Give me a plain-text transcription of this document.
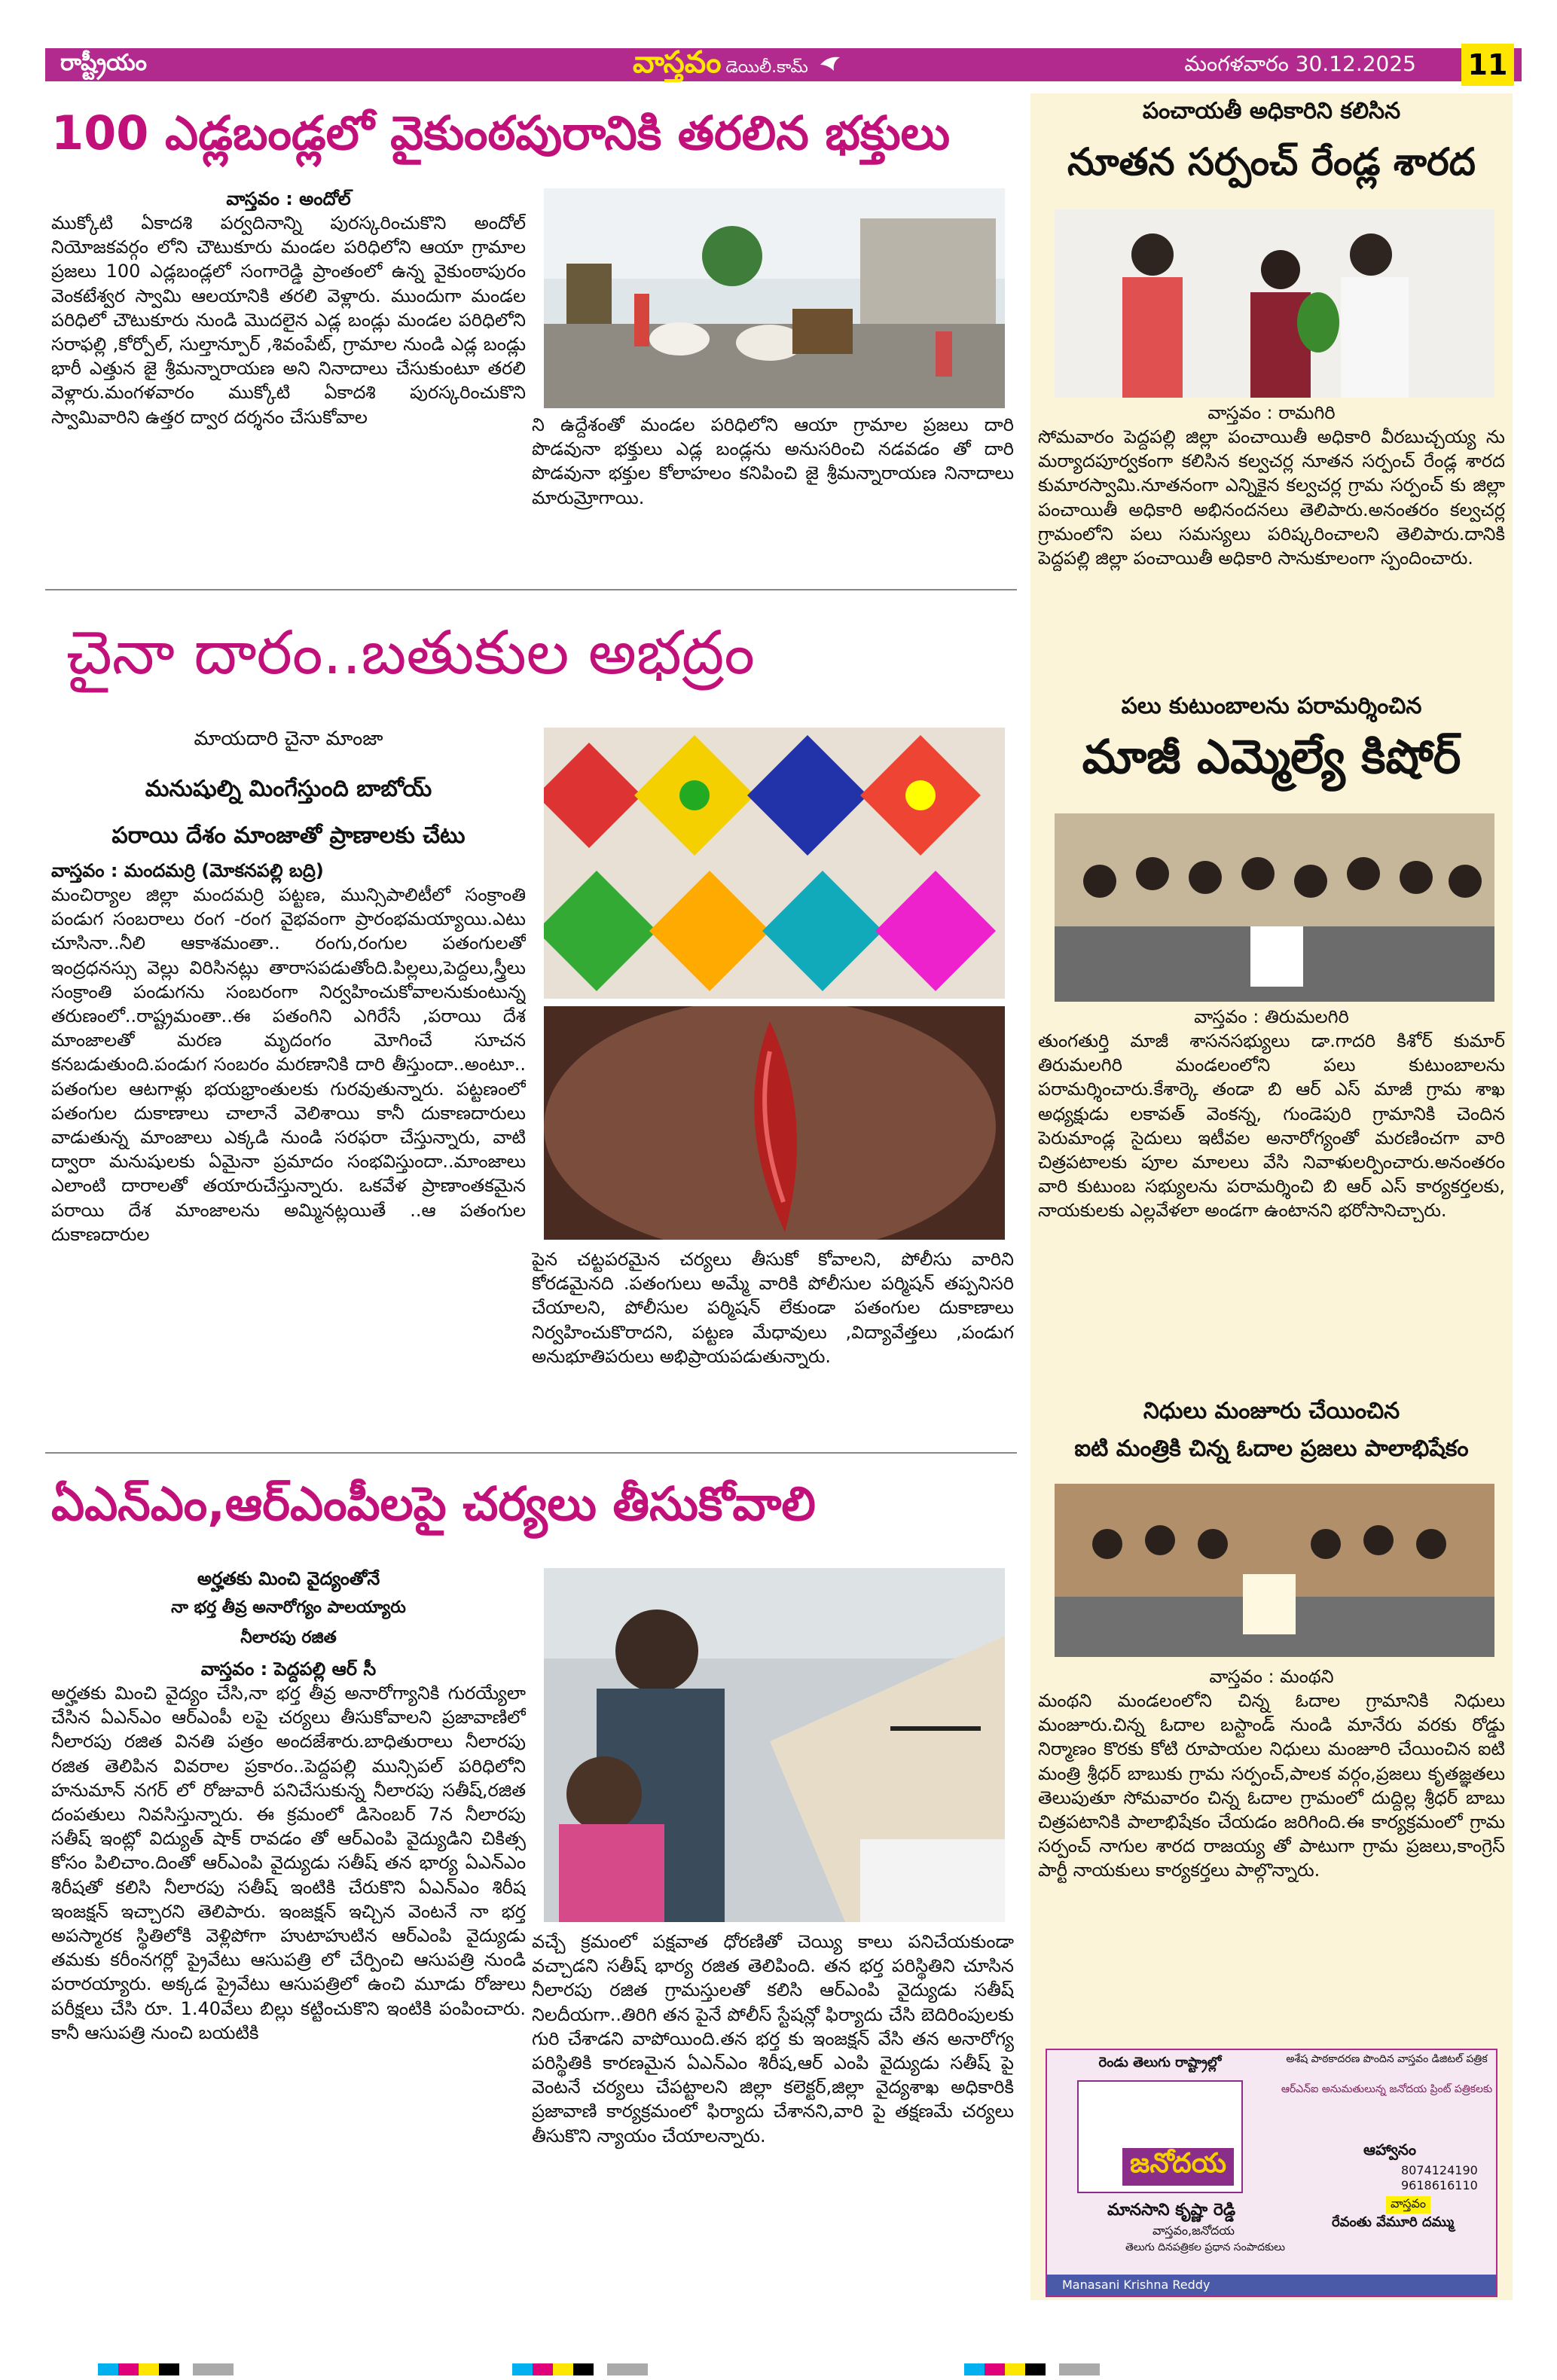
రాష్ట్రీయం	వాస్తవం డెయిలీ.కామ్	మంగళవారం 30.12.2025 11
100 ఎడ్లబండ్లలో వైకుంఠపురానికి తరలిన భక్తులు
వాస్తవం : అందోల్
ముక్కోటి ఏకాదశి పర్వదినాన్ని పురస్కరించుకొని అందోల్ నియోజకవర్గం లోని చౌటుకూరు మండల పరిధిలోని ఆయా గ్రామాల ప్రజలు 100 ఎడ్లబండ్లలో సంగారెడ్డి ప్రాంతంలో ఉన్న వైకుంఠాపురం వెంకటేశ్వర స్వామి ఆలయానికి తరలి వెళ్లారు. ముందుగా మండల పరిధిలో చౌటుకూరు నుండి మొదలైన ఎడ్ల బండ్లు మండల పరిధిలోని సరాఫల్లి ,కోర్పోల్, సుల్తాన్పూర్ ,శివంపేట్, గ్రామాల నుండి ఎడ్ల బండ్లు భారీ ఎత్తున జై శ్రీమన్నారాయణ అని నినాదాలు చేసుకుంటూ తరలి వెళ్లారు.మంగళవారం ముక్కోటి ఏకాదశి పురస్కరించుకొని స్వామివారిని ఉత్తర ద్వార దర్శనం చేసుకోవాల	ని ఉద్దేశంతో మండల పరిధిలోని ఆయా గ్రామాల ప్రజలు దారి పొడవునా భక్తులు ఎడ్ల బండ్లను అనుసరించి నడవడం తో దారి పొడవునా భక్తుల కోలాహలం కనిపించి జై శ్రీమన్నారాయణ నినాదాలు మారుమ్రోగాయి.
చైనా దారం..బతుకుల అభద్రం
మాయదారి చైనా మాంజా
మనుషుల్ని మింగేస్తుంది బాబోయ్
పరాయి దేశం మాంజాతో ప్రాణాలకు చేటు
వాస్తవం : మందమర్రి (మోకనపల్లి బద్రి)
మంచిర్యాల జిల్లా మందమర్రి పట్టణ, మున్సిపాలిటీలో సంక్రాంతి పండుగ సంబరాలు రంగ -రంగ వైభవంగా ప్రారంభమయ్యాయి.ఎటు చూసినా..నీలి ఆకాశమంతా.. రంగు,రంగుల పతంగులతో ఇంద్రధనస్సు వెల్లు విరిసినట్లు తారాసపడుతోంది.పిల్లలు,పెద్దలు,స్త్రీలు సంక్రాంతి పండుగను సంబరంగా నిర్వహించుకోవాలనుకుంటున్న తరుణంలో..రాష్ట్రమంతా..ఈ పతంగిని ఎగిరేసే ,పరాయి దేశ మాంజాలతో మరణ మృదంగం మోగించే సూచన కనబడుతుంది.పండుగ సంబరం మరణానికి దారి తీస్తుందా..అంటూ.. పతంగుల ఆటగాళ్లు భయభ్రాంతులకు గురవుతున్నారు. పట్టణంలో పతంగుల దుకాణాలు చాలానే వెలిశాయి కానీ దుకాణదారులు వాడుతున్న మాంజాలు ఎక్కడి నుండి సరఫరా చేస్తున్నారు, వాటి ద్వారా మనుషులకు ఏమైనా ప్రమాదం సంభవిస్తుందా..మాంజాలు ఎలాంటి దారాలతో తయారుచేస్తున్నారు. ఒకవేళ ప్రాణాంతకమైన పరాయి దేశ మాంజాలను అమ్మినట్లయితే ..ఆ పతంగుల దుకాణదారుల
పైన చట్టపరమైన చర్యలు తీసుకో కోవాలని, పోలీసు వారిని కోరడమైనది .పతంగులు అమ్మే వారికి పోలీసుల పర్మిషన్ తప్పనిసరి చేయాలని, పోలీసుల పర్మిషన్ లేకుండా పతంగుల దుకాణాలు నిర్వహించుకొరాదని, పట్టణ మేధావులు ,విద్యావేత్తలు ,పండుగ అనుభూతిపరులు అభిప్రాయపడుతున్నారు.
ఏఎన్ఎం,ఆర్ఎంపీలపై చర్యలు తీసుకోవాలి
అర్హతకు మించి వైద్యంతోనే
నా భర్త తీవ్ర అనారోగ్యం పాలయ్యారు
నీలారపు రజిత
వాస్తవం : పెద్దపల్లి ఆర్ సీ
అర్హతకు మించి వైద్యం చేసి,నా భర్త తీవ్ర అనారోగ్యానికి గురయ్యేలా చేసిన ఏఎన్ఎం ఆర్ఎంపీ లపై చర్యలు తీసుకోవాలని ప్రజావాణిలో నీలారపు రజిత వినతి పత్రం అందజేశారు.బాధితురాలు నీలారపు రజిత తెలిపిన వివరాల ప్రకారం..పెద్దపల్లి మున్సిపల్ పరిధిలోని హనుమాన్ నగర్ లో రోజువారీ పనిచేసుకున్న నీలారపు సతీష్,రజిత దంపతులు నివసిస్తున్నారు. ఈ క్రమంలో డిసెంబర్ 7న నీలారపు సతీష్ ఇంట్లో విద్యుత్ షాక్ రావడం తో ఆర్ఎంపి వైద్యుడిని చికిత్స కోసం పిలిచాం.దింతో ఆర్ఎంపి వైద్యుడు సతీష్ తన భార్య ఏఎన్ఎం శిరీషతో కలిసి నీలారపు సతీష్ ఇంటికి చేరుకొని ఏఎన్ఎం శిరీష ఇంజక్షన్ ఇచ్చారని తెలిపారు. ఇంజక్షన్ ఇచ్చిన వెంటనే నా భర్త అపస్మారక స్థితిలోకి వెళ్లిపోగా హుటాహుటిన ఆర్ఎంపి వైద్యుడు తమకు కరీంనగర్లో ప్రైవేటు ఆసుపత్రి లో చేర్పించి ఆసుపత్రి నుండి పరారయ్యారు. అక్కడ ప్రైవేటు ఆసుపత్రిలో ఉంచి మూడు రోజులు పరీక్షలు చేసి రూ. 1.40వేలు బిల్లు కట్టించుకొని ఇంటికి పంపించారు. కానీ ఆసుపత్రి నుంచి బయటికి
వచ్చే క్రమంలో పక్షవాత ధోరణితో చెయ్యి కాలు పనిచేయకుండా వచ్చాడని సతీష్ భార్య రజిత తెలిపింది. తన భర్త పరిస్థితిని చూసిన నీలారపు రజిత గ్రామస్తులతో కలిసి ఆర్ఎంపి వైద్యుడు సతీష్ నిలదీయగా..తిరిగి తన పైనే పోలీస్ స్టేషన్లో ఫిర్యాదు చేసి బెదిరింపులకు గురి చేశాడని వాపోయింది.తన భర్త కు ఇంజక్షన్ వేసి తన అనారోగ్య పరిస్థితికి కారణమైన ఏఎన్ఎం శిరీష,ఆర్ ఎంపి వైద్యుడు సతీష్ పై వెంటనే చర్యలు చేపట్టాలని జిల్లా కలెక్టర్,జిల్లా వైద్యశాఖ అధికారికి ప్రజావాణి కార్యక్రమంలో ఫిర్యాదు చేశానని,వారి పై తక్షణమే చర్యలు తీసుకొని న్యాయం చేయాలన్నారు.
పంచాయతీ అధికారిని కలిసిన
నూతన సర్పంచ్ రేండ్ల శారద
వాస్తవం : రామగిరి
సోమవారం పెద్దపల్లి జిల్లా పంచాయితీ అధికారి వీరబుచ్చయ్య ను మర్యాదపూర్వకంగా కలిసిన కల్వచర్ల నూతన సర్పంచ్ రేండ్ల శారద కుమారస్వామి.నూతనంగా ఎన్నికైన కల్వచర్ల గ్రామ సర్పంచ్ కు జిల్లా పంచాయితీ అధికారి అభినందనలు తెలిపారు.అనంతరం కల్వచర్ల గ్రామంలోని పలు సమస్యలు పరిష్కరించాలని తెలిపారు.దానికి పెద్దపల్లి జిల్లా పంచాయితీ అధికారి సానుకూలంగా స్పందించారు.
పలు కుటుంబాలను పరామర్శించిన
మాజీ ఎమ్మెల్యే కిషోర్
వాస్తవం : తిరుమలగిరి
తుంగతుర్తి మాజీ శాసనసభ్యులు డా.గాదరి కిశోర్ కుమార్ తిరుమలగిరి మండలంలోని పలు కుటుంబాలను పరామర్శించారు.కేశార్కె తండా బి ఆర్ ఎస్ మాజీ గ్రామ శాఖ అధ్యక్షుడు లకావత్ వెంకన్న, గుండెపురి గ్రామానికి చెందిన పెరుమాండ్ల సైదులు ఇటీవల అనారోగ్యంతో మరణించగా వారి చిత్రపటాలకు పూల మాలలు వేసి నివాళులర్పించారు.అనంతరం వారి కుటుంబ సభ్యులను పరామర్శించి బి ఆర్ ఎస్ కార్యకర్తలకు, నాయకులకు ఎల్లవేళలా అండగా ఉంటానని భరోసానిచ్చారు.
నిధులు మంజూరు చేయించిన
ఐటి మంత్రికి చిన్న ఓదాల ప్రజలు పాలాభిషేకం
వాస్తవం : మంథని
మంథని మండలంలోని చిన్న ఓదాల గ్రామానికి నిధులు మంజూరు.చిన్న ఓదాల బస్టాండ్ నుండి మానేరు వరకు రోడ్డు నిర్మాణం కొరకు కోటి రూపాయల నిధులు మంజూరి చేయించిన ఐటి మంత్రి శ్రీధర్ బాబుకు గ్రామ సర్పంచ్,పాలక వర్గం,ప్రజలు కృతజ్ఞతలు తెలుపుతూ సోమవారం చిన్న ఓదాల గ్రామంలో దుద్దిల్ల శ్రీధర్ బాబు చిత్రపటానికి పాలాభిషేకం చేయడం జరిగింది.ఈ కార్యక్రమంలో గ్రామ సర్పంచ్ నాగుల శారద రాజయ్య తో పాటుగా గ్రామ ప్రజలు,కాంగ్రెస్ పార్టీ నాయకులు కార్యకర్తలు పాల్గొన్నారు.
రెండు తెలుగు రాష్ట్రాల్లో	అశేష పాఠకాదరణ పొందిన వాస్తవం డిజిటల్ పత్రిక
ఆర్ఎన్ఐ అనుమతులున్న జనోదయ ప్రింట్ పత్రికలకు
జనోదయ	ఆహ్వానం
8074124190
9618616110
మానసాని కృష్ణా రెడ్డి
వాస్తవం,జనోదయ
తెలుగు దినపత్రికల ప్రధాన సంపాదకులు
వాస్తవం
రేవంతు వేమూరి దమ్ము
Manasani Krishna Reddy
